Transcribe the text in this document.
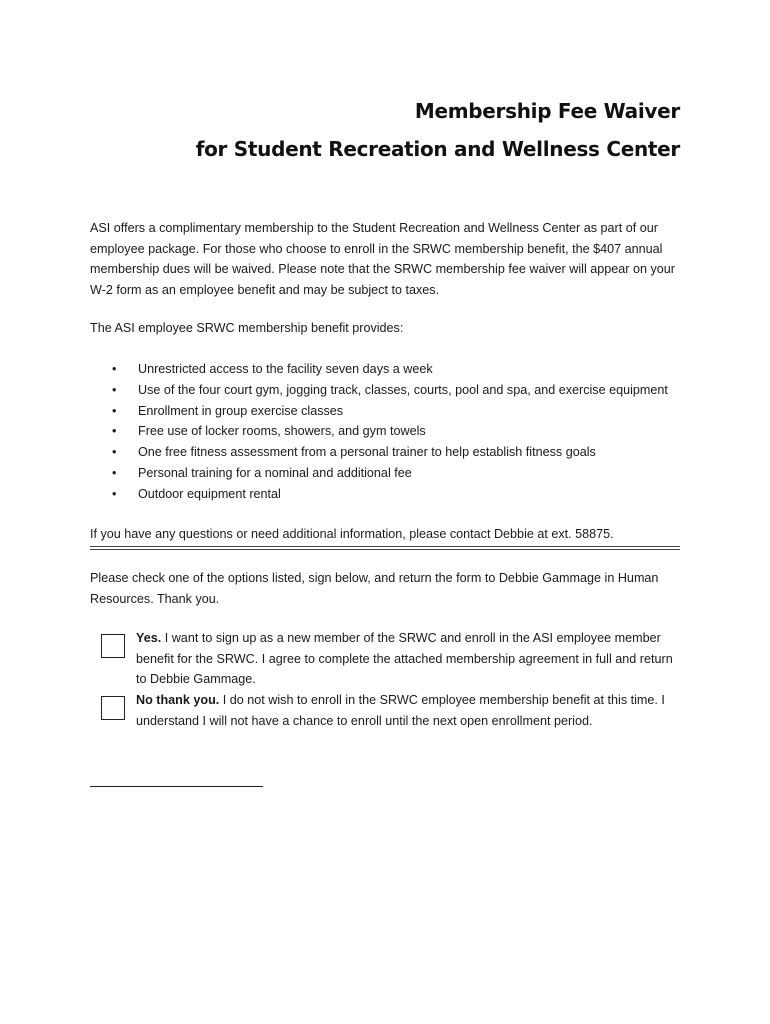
Membership Fee Waiver
for Student Recreation and Wellness Center
ASI offers a complimentary membership to the Student Recreation and Wellness Center as part of our employee package. For those who choose to enroll in the SRWC membership benefit, the $407 annual membership dues will be waived. Please note that the SRWC membership fee waiver will appear on your W-2 form as an employee benefit and may be subject to taxes.
The ASI employee SRWC membership benefit provides:
• Unrestricted access to the facility seven days a week
• Use of the four court gym, jogging track, classes, courts, pool and spa, and exercise equipment
• Enrollment in group exercise classes
• Free use of locker rooms, showers, and gym towels
• One free fitness assessment from a personal trainer to help establish fitness goals
• Personal training for a nominal and additional fee
• Outdoor equipment rental
If you have any questions or need additional information, please contact Debbie at ext. 58875.
Please check one of the options listed, sign below, and return the form to Debbie Gammage in Human Resources. Thank you.
Yes. I want to sign up as a new member of the SRWC and enroll in the ASI employee member benefit for the SRWC. I agree to complete the attached membership agreement in full and return to Debbie Gammage.
No thank you. I do not wish to enroll in the SRWC employee membership benefit at this time. I understand I will not have a chance to enroll until the next open enrollment period.
